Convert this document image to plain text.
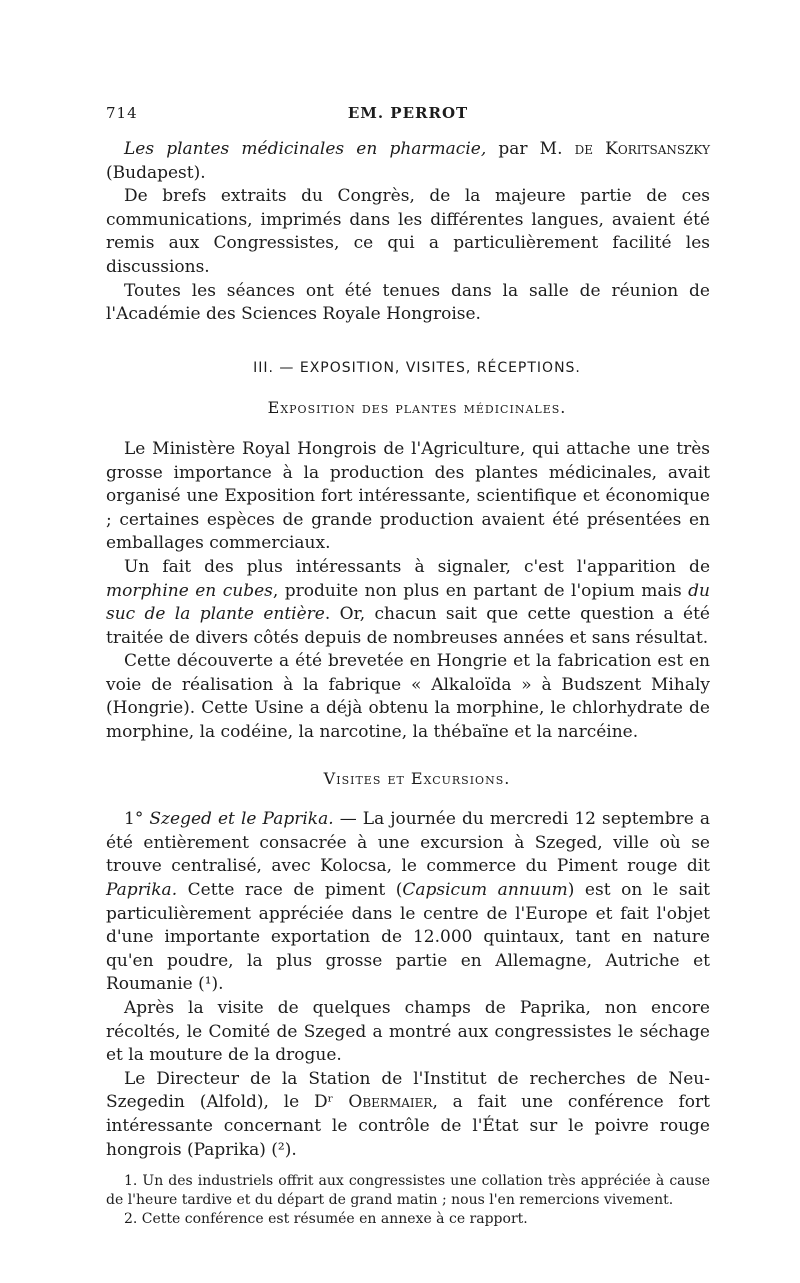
714	EM. PERROT

Les plantes médicinales en pharmacie, par M. de Koritsanszky (Budapest).

De brefs extraits du Congrès, de la majeure partie de ces communications, imprimés dans les différentes langues, avaient été remis aux Congressistes, ce qui a particulièrement facilité les discussions.

Toutes les séances ont été tenues dans la salle de réunion de l'Académie des Sciences Royale Hongroise.

III. — EXPOSITION, VISITES, RÉCEPTIONS.

Exposition des plantes médicinales.

Le Ministère Royal Hongrois de l'Agriculture, qui attache une très grosse importance à la production des plantes médicinales, avait organisé une Exposition fort intéressante, scientifique et économique ; certaines espèces de grande production avaient été présentées en emballages commerciaux.

Un fait des plus intéressants à signaler, c'est l'apparition de morphine en cubes, produite non plus en partant de l'opium mais du suc de la plante entière. Or, chacun sait que cette question a été traitée de divers côtés depuis de nombreuses années et sans résultat.

Cette découverte a été brevetée en Hongrie et la fabrication est en voie de réalisation à la fabrique « Alkaloïda » à Budszent Mihaly (Hongrie). Cette Usine a déjà obtenu la morphine, le chlorhydrate de morphine, la codéine, la narcotine, la thébaïne et la narcéine.

Visites et Excursions.

1° Szeged et le Paprika. — La journée du mercredi 12 septembre a été entièrement consacrée à une excursion à Szeged, ville où se trouve centralisé, avec Kolocsa, le commerce du Piment rouge dit Paprika. Cette race de piment (Capsicum annuum) est on le sait particulièrement appréciée dans le centre de l'Europe et fait l'objet d'une importante exportation de 12.000 quintaux, tant en nature qu'en poudre, la plus grosse partie en Allemagne, Autriche et Roumanie (¹).

Après la visite de quelques champs de Paprika, non encore récoltés, le Comité de Szeged a montré aux congressistes le séchage et la mouture de la drogue.

Le Directeur de la Station de l'Institut de recherches de Neu-Szegedin (Alfold), le Dʳ Obermaier, a fait une conférence fort intéressante concernant le contrôle de l'État sur le poivre rouge hongrois (Paprika) (²).

1. Un des industriels offrit aux congressistes une collation très appréciée à cause de l'heure tardive et du départ de grand matin ; nous l'en remercions vivement.

2. Cette conférence est résumée en annexe à ce rapport.
